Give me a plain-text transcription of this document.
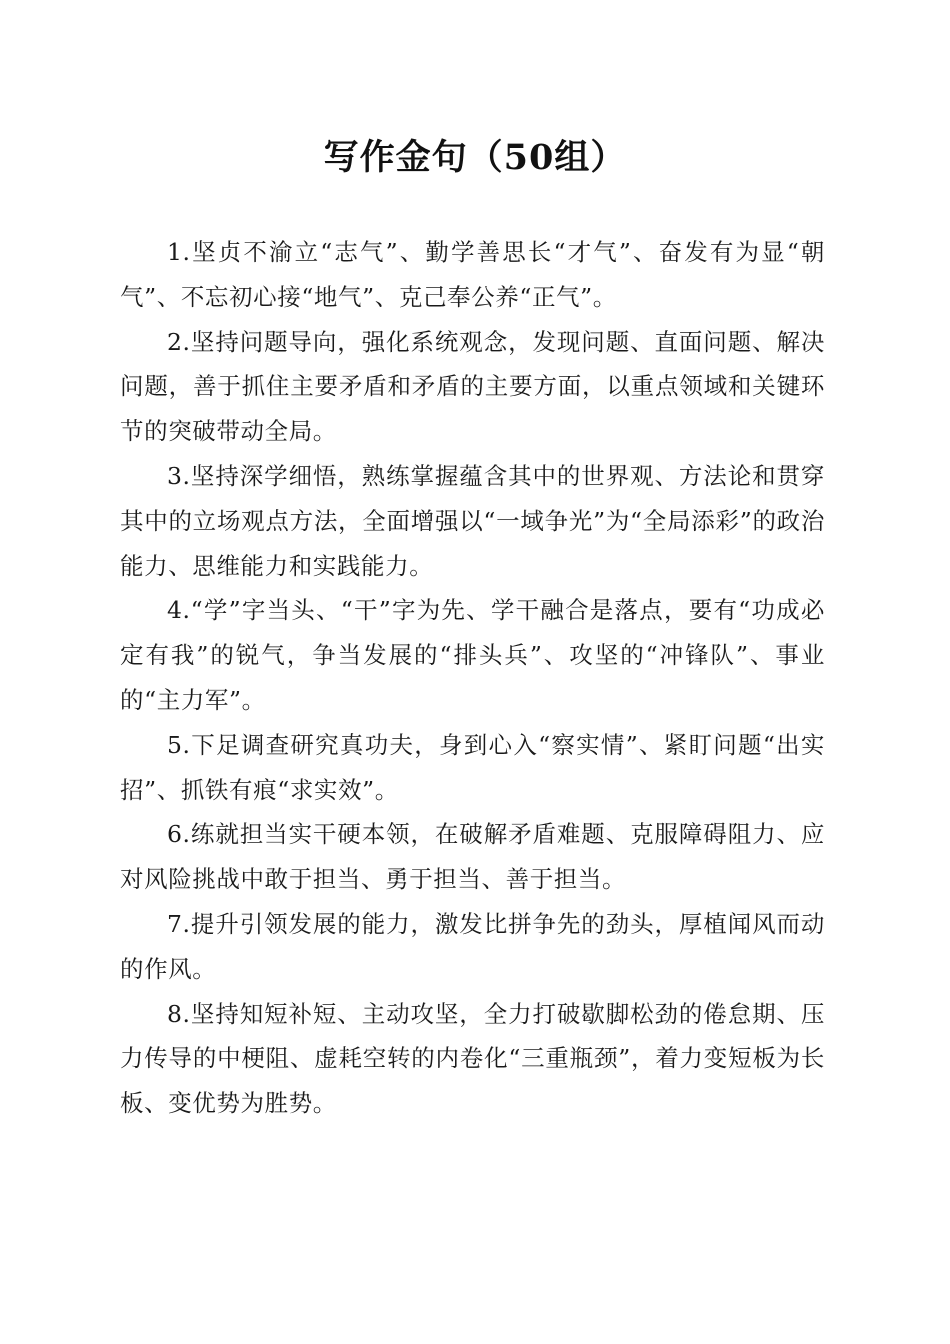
写作金句（50组）

1.坚贞不渝立“志气”、勤学善思长“才气”、奋发有为显“朝气”、不忘初心接“地气”、克己奉公养“正气”。

2.坚持问题导向，强化系统观念，发现问题、直面问题、解决问题，善于抓住主要矛盾和矛盾的主要方面，以重点领域和关键环节的突破带动全局。

3.坚持深学细悟，熟练掌握蕴含其中的世界观、方法论和贯穿其中的立场观点方法，全面增强以“一域争光”为“全局添彩”的政治能力、思维能力和实践能力。

4.“学”字当头、“干”字为先、学干融合是落点，要有“功成必定有我”的锐气，争当发展的“排头兵”、攻坚的“冲锋队”、事业的“主力军”。

5.下足调查研究真功夫，身到心入“察实情”、紧盯问题“出实招”、抓铁有痕“求实效”。

6.练就担当实干硬本领，在破解矛盾难题、克服障碍阻力、应对风险挑战中敢于担当、勇于担当、善于担当。

7.提升引领发展的能力，激发比拼争先的劲头，厚植闻风而动的作风。

8.坚持知短补短、主动攻坚，全力打破歇脚松劲的倦怠期、压力传导的中梗阻、虚耗空转的内卷化“三重瓶颈”，着力变短板为长板、变优势为胜势。
